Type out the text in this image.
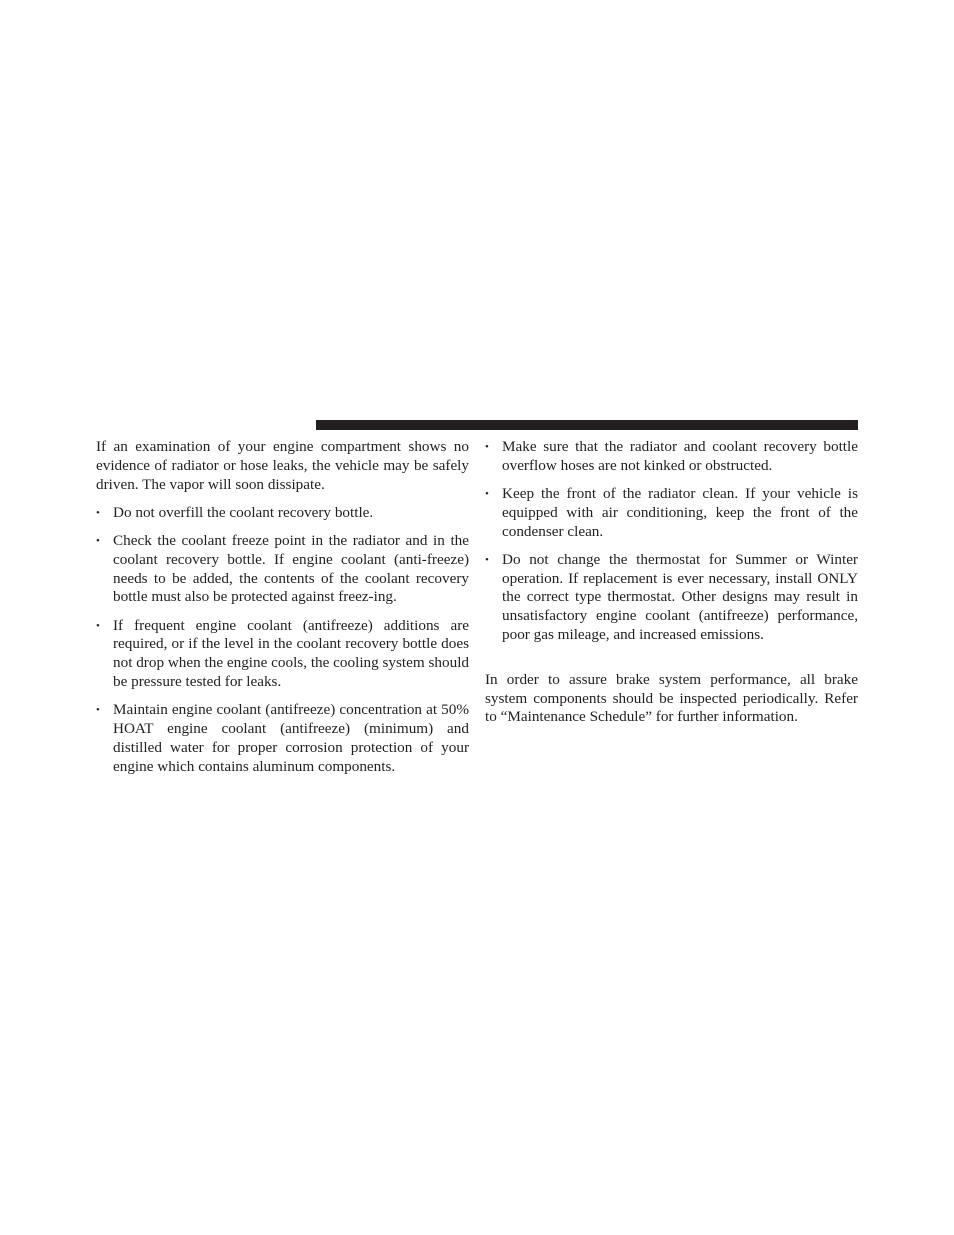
If an examination of your engine compartment shows no evidence of radiator or hose leaks, the vehicle may be safely driven. The vapor will soon dissipate.

• Do not overfill the coolant recovery bottle.
• Check the coolant freeze point in the radiator and in the coolant recovery bottle. If engine coolant (anti-freeze) needs to be added, the contents of the coolant recovery bottle must also be protected against freez-ing.
• If frequent engine coolant (antifreeze) additions are required, or if the level in the coolant recovery bottle does not drop when the engine cools, the cooling system should be pressure tested for leaks.
• Maintain engine coolant (antifreeze) concentration at 50% HOAT engine coolant (antifreeze) (minimum) and distilled water for proper corrosion protection of your engine which contains aluminum components.
• Make sure that the radiator and coolant recovery bottle overflow hoses are not kinked or obstructed.
• Keep the front of the radiator clean. If your vehicle is equipped with air conditioning, keep the front of the condenser clean.
• Do not change the thermostat for Summer or Winter operation. If replacement is ever necessary, install ONLY the correct type thermostat. Other designs may result in unsatisfactory engine coolant (antifreeze) performance, poor gas mileage, and increased emissions.

In order to assure brake system performance, all brake system components should be inspected periodically. Refer to “Maintenance Schedule” for further information.
